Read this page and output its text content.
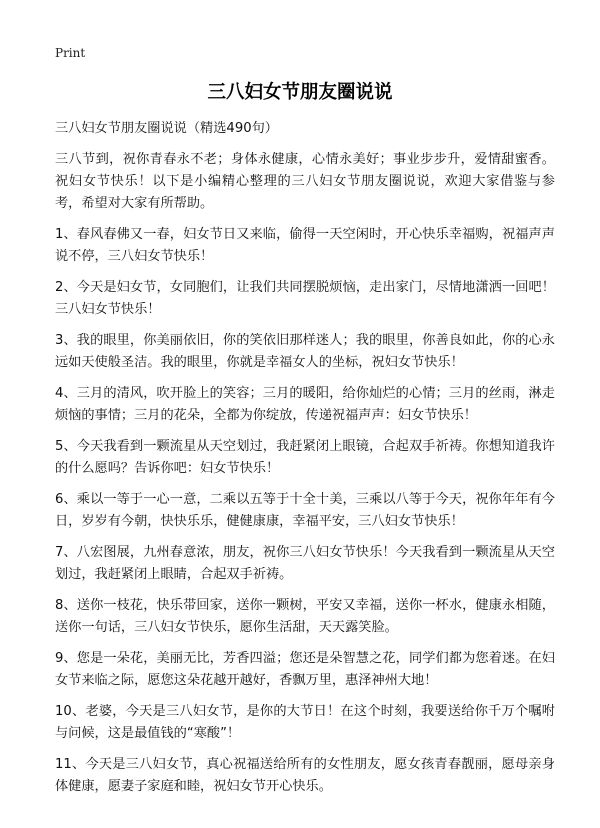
Print
三八妇女节朋友圈说说

三八妇女节朋友圈说说（精选490句）

三八节到，祝你青春永不老；身体永健康，心情永美好；事业步步升，爱情甜蜜香。祝妇女节快乐！以下是小编精心整理的三八妇女节朋友圈说说，欢迎大家借鉴与参考，希望对大家有所帮助。

1、春风春佛又一春，妇女节日又来临，偷得一天空闲时，开心快乐幸福购，祝福声声说不停，三八妇女节快乐！

2、今天是妇女节，女同胞们，让我们共同摆脱烦恼，走出家门，尽情地潇洒一回吧！三八妇女节快乐！

3、我的眼里，你美丽依旧，你的笑依旧那样迷人；我的眼里，你善良如此，你的心永远如天使般圣洁。我的眼里，你就是幸福女人的坐标，祝妇女节快乐！

4、三月的清风，吹开脸上的笑容；三月的暖阳，给你灿烂的心情；三月的丝雨，淋走烦恼的事情；三月的花朵，全都为你绽放，传递祝福声声：妇女节快乐！

5、今天我看到一颗流星从天空划过，我赶紧闭上眼镜，合起双手祈祷。你想知道我许的什么愿吗？告诉你吧：妇女节快乐！

6、乘以一等于一心一意，二乘以五等于十全十美，三乘以八等于今天，祝你年年有今日，岁岁有今朝，快快乐乐，健健康康，幸福平安，三八妇女节快乐！

7、八宏图展，九州春意浓，朋友，祝你三八妇女节快乐！今天我看到一颗流星从天空划过，我赶紧闭上眼睛，合起双手祈祷。

8、送你一枝花，快乐带回家，送你一颗树，平安又幸福，送你一杯水，健康永相随，送你一句话，三八妇女节快乐，愿你生活甜，天天露笑脸。

9、您是一朵花，美丽无比，芳香四溢；您还是朵智慧之花，同学们都为您着迷。在妇女节来临之际，愿您这朵花越开越好，香飘万里，惠泽神州大地！

10、老婆，今天是三八妇女节，是你的大节日！在这个时刻，我要送给你千万个嘱咐与问候，这是最值钱的“寒酸”！

11、今天是三八妇女节，真心祝福送给所有的女性朋友，愿女孩青春靓丽，愿母亲身体健康，愿妻子家庭和睦，祝妇女节开心快乐。
